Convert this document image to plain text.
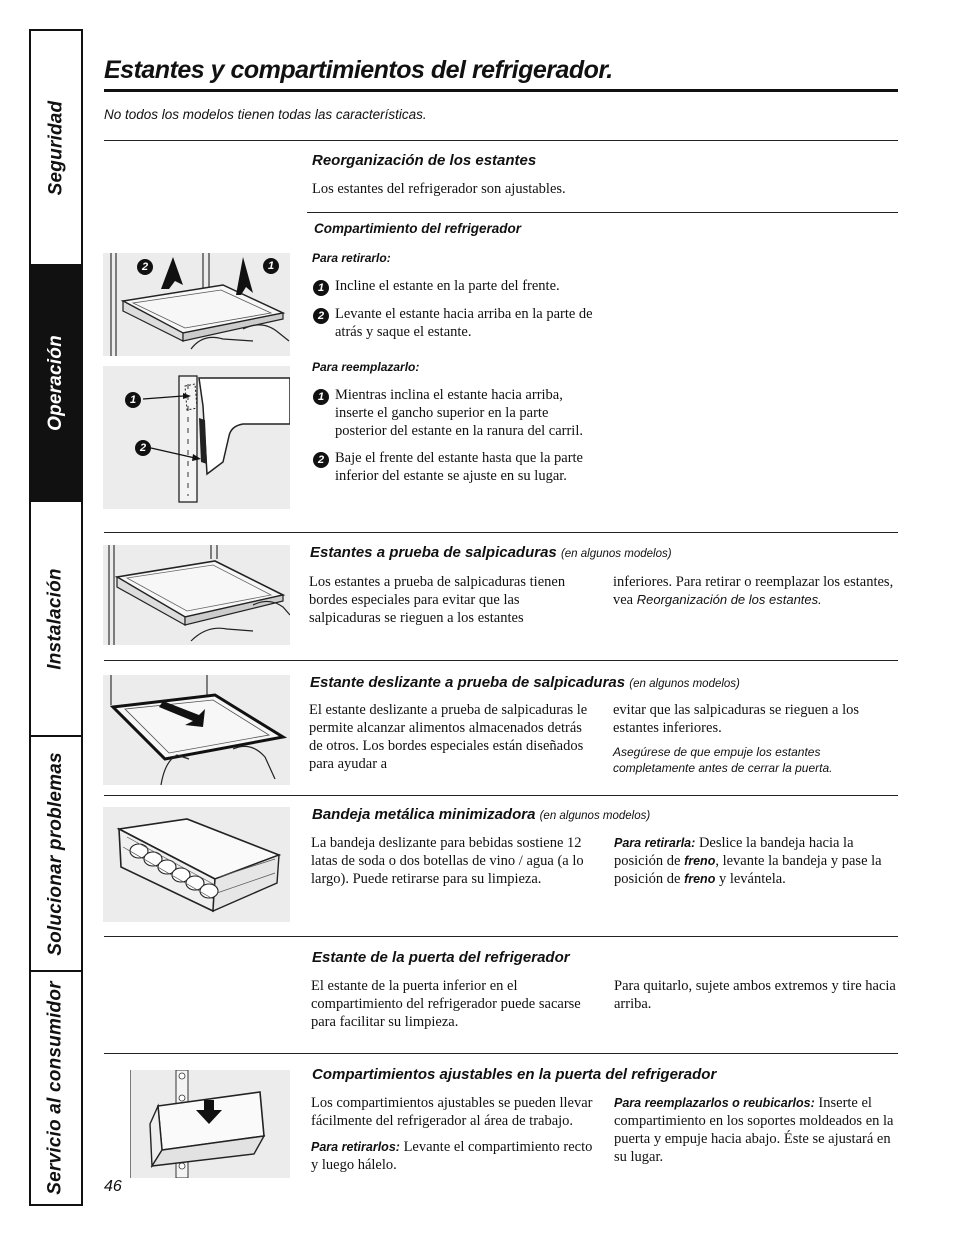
Seguridad
Operación
Instalación
Solucionar problemas
Servicio al consumidor
Estantes y compartimientos del refrigerador.
No todos los modelos tienen todas las características.
Reorganización de los estantes
Los estantes del refrigerador son ajustables.
Compartimiento del refrigerador
Para retirarlo:
1 Incline el estante en la parte del frente.
2 Levante el estante hacia arriba en la parte de atrás y saque el estante.
Para reemplazarlo:
1 Mientras inclina el estante hacia arriba, inserte el gancho superior en la parte posterior del estante en la ranura del carril.
2 Baje el frente del estante hasta que la parte inferior del estante se ajuste en su lugar.
2	1
1
2
Estantes a prueba de salpicaduras (en algunos modelos)
Los estantes a prueba de salpicaduras tienen bordes especiales para evitar que las salpicaduras se rieguen a los estantes
inferiores. Para retirar o reemplazar los estantes, vea Reorganización de los estantes.
Estante deslizante a prueba de salpicaduras (en algunos modelos)
El estante deslizante a prueba de salpicaduras le permite alcanzar alimentos almacenados detrás de otros. Los bordes especiales están diseñados para ayudar a
evitar que las salpicaduras se rieguen a los estantes inferiores.
Asegúrese de que empuje los estantes completamente antes de cerrar la puerta.
Bandeja metálica minimizadora (en algunos modelos)
La bandeja deslizante para bebidas sostiene 12 latas de soda o dos botellas de vino / agua (a lo largo). Puede retirarse para su limpieza.
Para retirarla: Deslice la bandeja hacia la posición de freno, levante la bandeja y pase la posición de freno y levántela.
Estante de la puerta del refrigerador
El estante de la puerta inferior en el compartimiento del refrigerador puede sacarse para facilitar su limpieza.
Para quitarlo, sujete ambos extremos y tire hacia arriba.
Compartimientos ajustables en la puerta del refrigerador
Los compartimientos ajustables se pueden llevar fácilmente del refrigerador al área de trabajo.
Para retirarlos: Levante el compartimiento recto y luego hálelo.
Para reemplazarlos o reubicarlos: Inserte el compartimiento en los soportes moldeados en la puerta y empuje hacia abajo. Éste se ajustará en su lugar.
46
